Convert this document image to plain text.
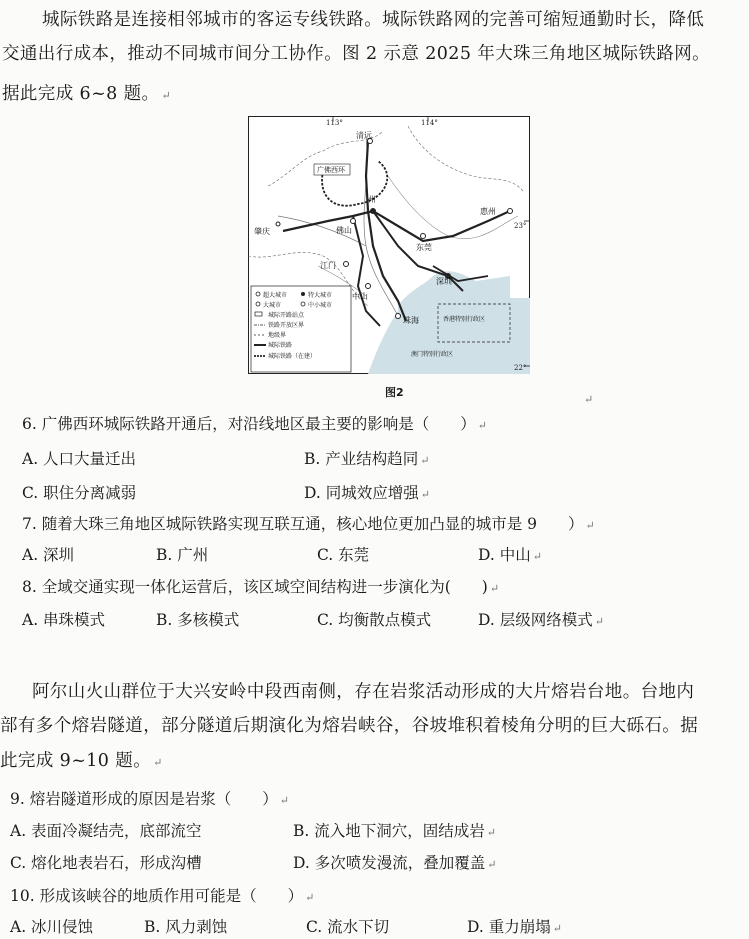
城际铁路是连接相邻城市的客运专线铁路。城际铁路网的完善可缩短通勤时长，降低
交通出行成本，推动不同城市间分工协作。图 2 示意 2025 年大珠三角地区城际铁路网。
据此完成 6~8 题。 ↵
113°	114°
23°
22°
清远
广佛西环
州
佛山
肇庆
东莞
惠州
江门
中山
深圳
珠海	香港特别行政区
澳门特别行政区
超大城市	特大城市
大城市	中小城市
城际开路站点
铁路开放区界
地级界
城际铁路
城际铁路（在建）
图2
↵
6. 广佛西环城际铁路开通后，对沿线地区最主要的影响是（　　） ↵
A. 人口大量迁出	B. 产业结构趋同 ↵
C. 职住分离减弱	D. 同城效应增强 ↵
7. 随着大珠三角地区城际铁路实现互联互通，核心地位更加凸显的城市是 9　　） ↵
A. 深圳	B. 广州	C. 东莞	D. 中山 ↵
8. 全域交通实现一体化运营后，该区域空间结构进一步演化为(　　) ↵
A. 串珠模式	B. 多核模式	C. 均衡散点模式	D. 层级网络模式 ↵
阿尔山火山群位于大兴安岭中段西南侧，存在岩浆活动形成的大片熔岩台地。台地内
部有多个熔岩隧道，部分隧道后期演化为熔岩峡谷，谷坡堆积着棱角分明的巨大砾石。据
此完成 9~10 题。 ↵
9. 熔岩隧道形成的原因是岩浆（　　） ↵
A. 表面冷凝结壳，底部流空	B. 流入地下洞穴，固结成岩 ↵
C. 熔化地表岩石，形成沟槽	D. 多次喷发漫流，叠加覆盖 ↵
10. 形成该峡谷的地质作用可能是（　　） ↵
A. 冰川侵蚀	B. 风力剥蚀	C. 流水下切	D. 重力崩塌 ↵
